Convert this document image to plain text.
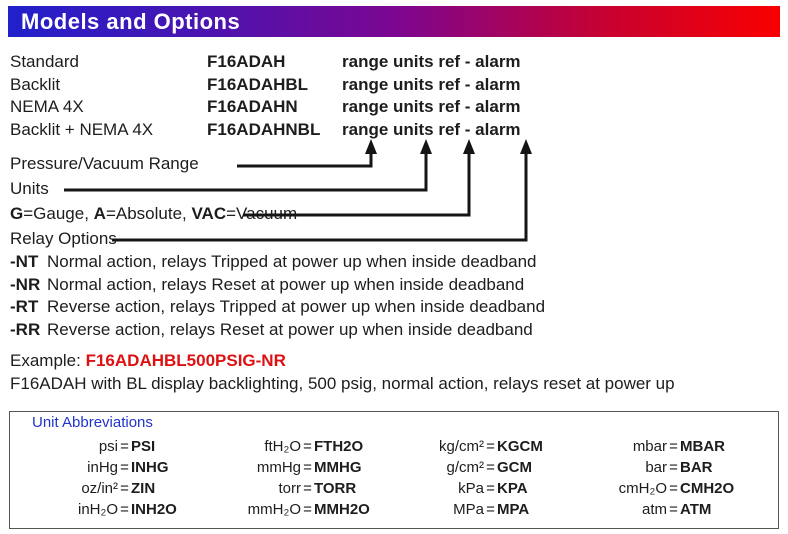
Models and Options
Standard	F16ADAH	range units ref - alarm
Backlit	F16ADAHBL	range units ref - alarm
NEMA 4X	F16ADAHN	range units ref - alarm
Backlit + NEMA 4X	F16ADAHNBL	range units ref - alarm
Pressure/Vacuum Range
Units
G=Gauge, A=Absolute, VAC=Vacuum
Relay Options
-NT Normal action, relays Tripped at power up when inside deadband
-NR Normal action, relays Reset at power up when inside deadband
-RT Reverse action, relays Tripped at power up when inside deadband
-RR Reverse action, relays Reset at power up when inside deadband
Example: F16ADAHBL500PSIG-NR
F16ADAH with BL display backlighting, 500 psig, normal action, relays reset at power up
Unit Abbreviations
psi = PSI	ftH₂O = FTH2O	kg/cm² = KGCM	mbar = MBAR
inHg = INHG	mmHg = MMHG	g/cm² = GCM	bar = BAR
oz/in² = ZIN	torr = TORR	kPa = KPA	cmH₂O = CMH2O
inH₂O = INH2O	mmH₂O = MMH2O	MPa = MPA	atm = ATM
